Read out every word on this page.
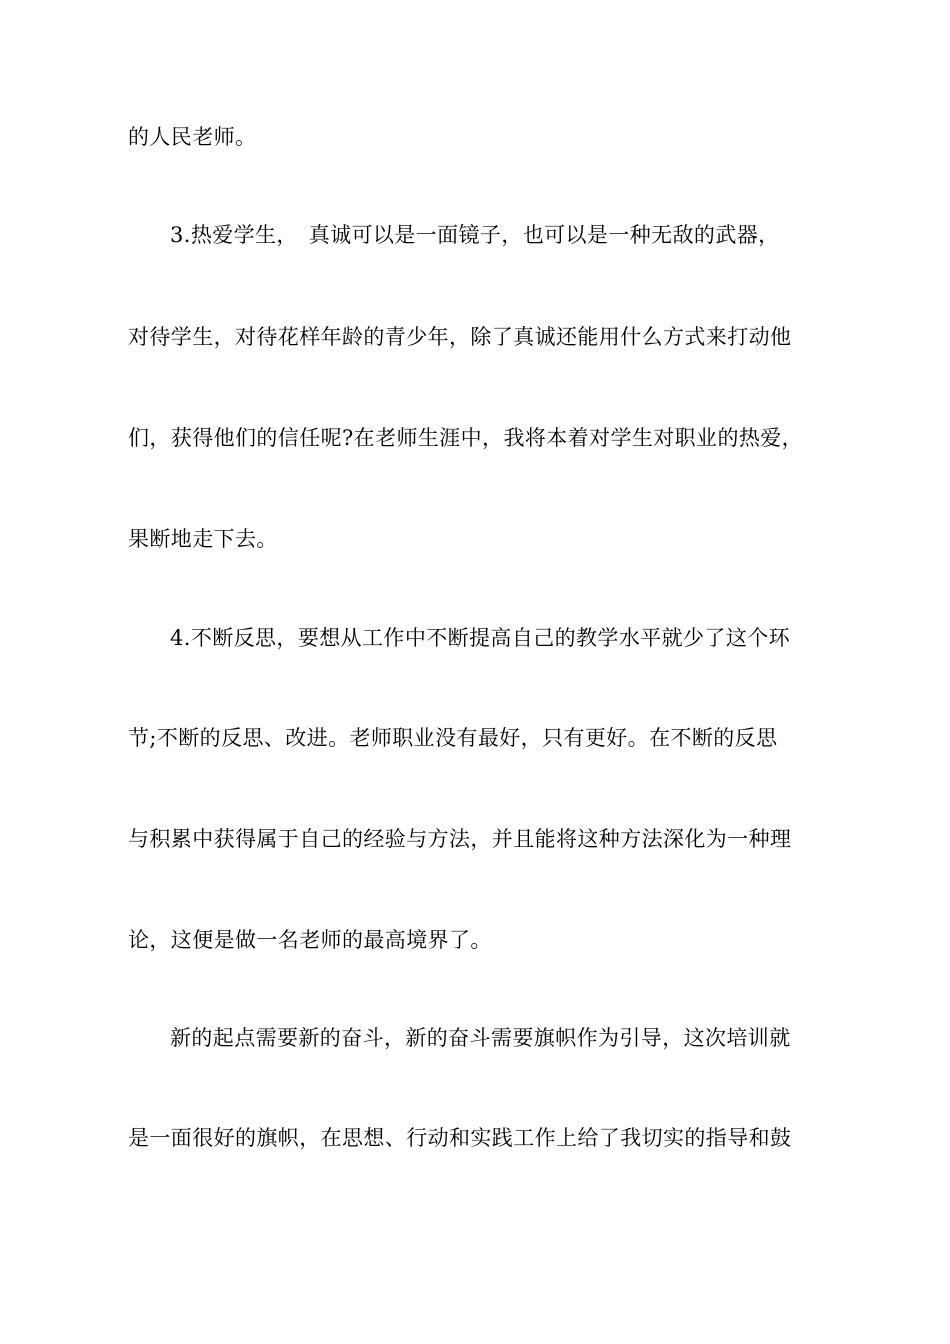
的人民老师。
3.热爱学生，　真诚可以是一面镜子，也可以是一种无敌的武器，
对待学生，对待花样年龄的青少年，除了真诚还能用什么方式来打动他
们，获得他们的信任呢?在老师生涯中，我将本着对学生对职业的热爱，
果断地走下去。
4.不断反思，要想从工作中不断提高自己的教学水平就少了这个环
节;不断的反思、改进。老师职业没有最好，只有更好。在不断的反思
与积累中获得属于自己的经验与方法，并且能将这种方法深化为一种理
论，这便是做一名老师的最高境界了。
新的起点需要新的奋斗，新的奋斗需要旗帜作为引导，这次培训就
是一面很好的旗帜，在思想、行动和实践工作上给了我切实的指导和鼓
